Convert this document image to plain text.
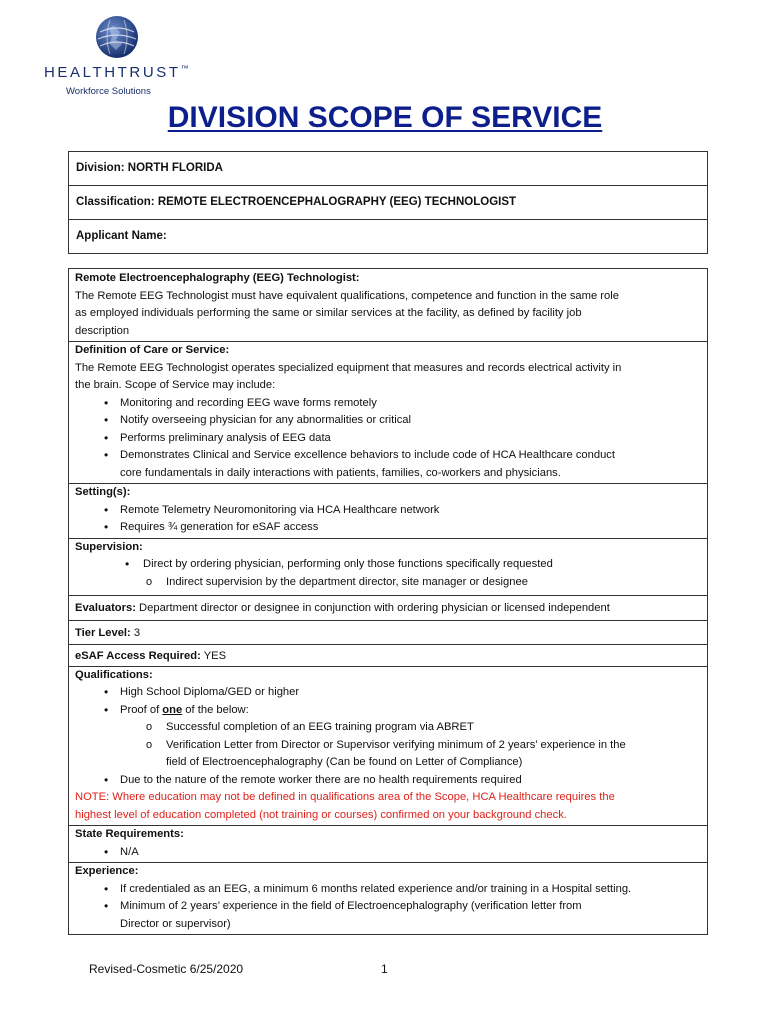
HEALTHTRUST™
Workforce Solutions
DIVISION SCOPE OF SERVICE
Division: NORTH FLORIDA
Classification: REMOTE ELECTROENCEPHALOGRAPHY (EEG) TECHNOLOGIST
Applicant Name:
Remote Electroencephalography (EEG) Technologist:
The Remote EEG Technologist must have equivalent qualifications, competence and function in the same role
as employed individuals performing the same or similar services at the facility, as defined by facility job
description
Definition of Care or Service:
The Remote EEG Technologist operates specialized equipment that measures and records electrical activity in
the brain. Scope of Service may include:
• Monitoring and recording EEG wave forms remotely
• Notify overseeing physician for any abnormalities or critical
• Performs preliminary analysis of EEG data
• Demonstrates Clinical and Service excellence behaviors to include code of HCA Healthcare conduct
core fundamentals in daily interactions with patients, families, co-workers and physicians.
Setting(s):
• Remote Telemetry Neuromonitoring via HCA Healthcare network
• Requires ¾ generation for eSAF access
Supervision:
• Direct by ordering physician, performing only those functions specifically requested
o Indirect supervision by the department director, site manager or designee
Evaluators: Department director or designee in conjunction with ordering physician or licensed independent
Tier Level: 3
eSAF Access Required: YES
Qualifications:
• High School Diploma/GED or higher
• Proof of one of the below:
o Successful completion of an EEG training program via ABRET
o Verification Letter from Director or Supervisor verifying minimum of 2 years’ experience in the
field of Electroencephalography (Can be found on Letter of Compliance)
• Due to the nature of the remote worker there are no health requirements required
NOTE: Where education may not be defined in qualifications area of the Scope, HCA Healthcare requires the
highest level of education completed (not training or courses) confirmed on your background check.
State Requirements:
• N/A
Experience:
• If credentialed as an EEG, a minimum 6 months related experience and/or training in a Hospital setting.
• Minimum of 2 years’ experience in the field of Electroencephalography (verification letter from
Director or supervisor)
Revised-Cosmetic 6/25/2020	1
